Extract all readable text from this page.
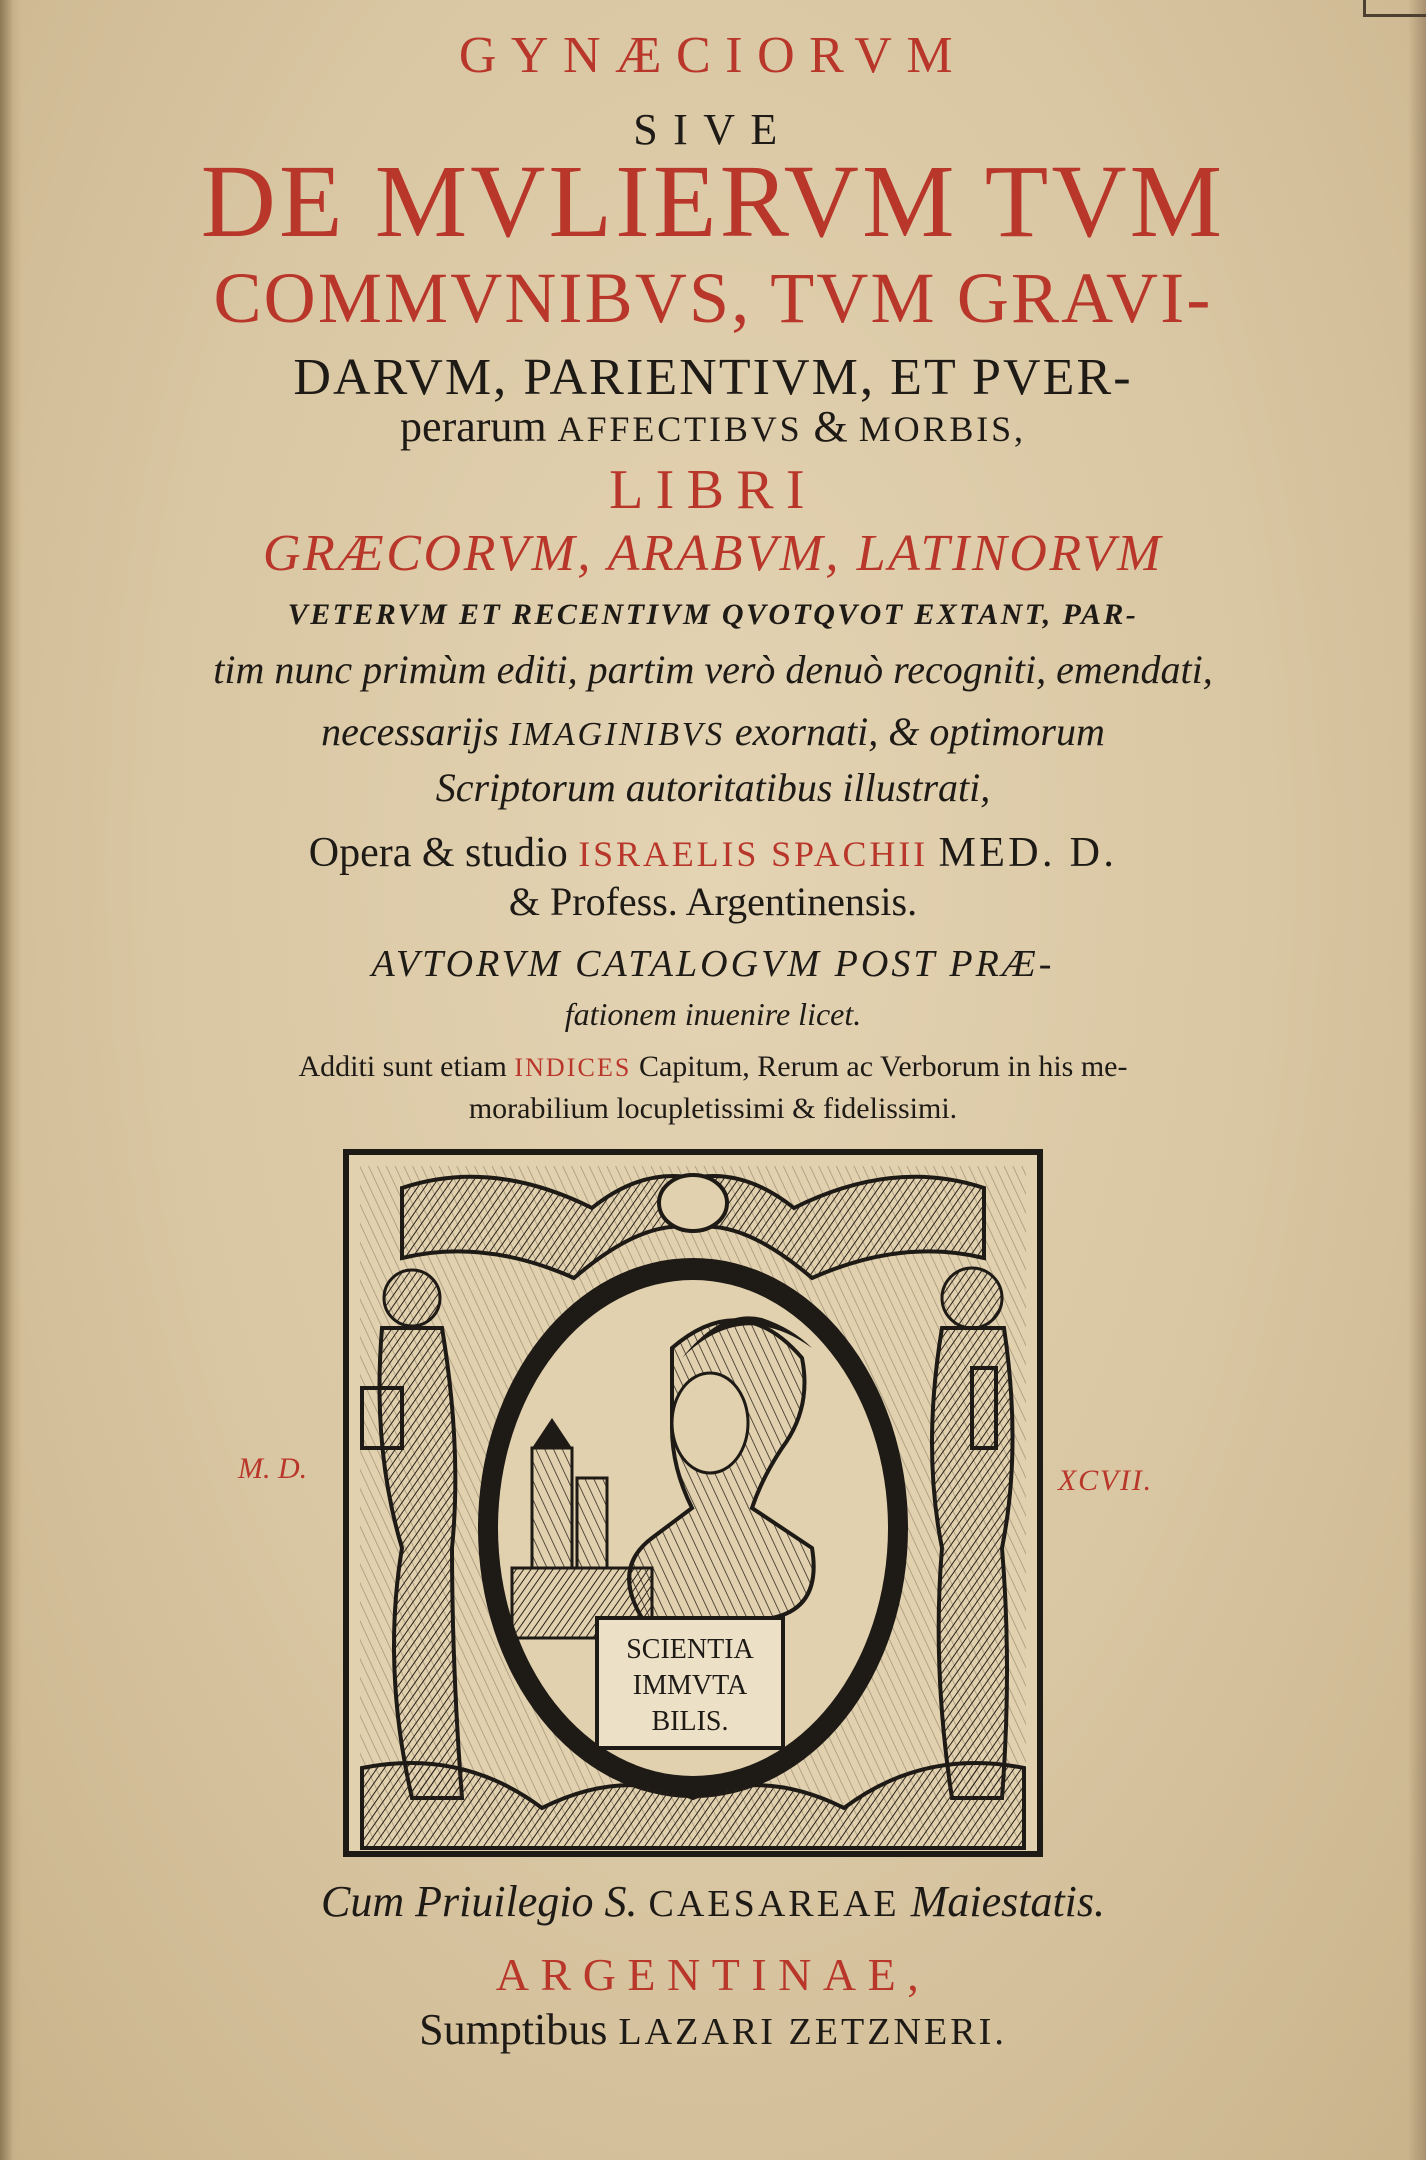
GYNÆCIORVM
SIVE
DE MVLIERVM TVM
COMMVNIBVS, TVM GRAVI-
DARVM, PARIENTIVM, ET PVER-
perarum AFFECTIBVS & MORBIS,
LIBRI
GRÆCORVM, ARABVM, LATINORVM
VETERVM ET RECENTIVM QVOTQVOT EXTANT, PAR-
tim nunc primùm editi, partim verò denuò recogniti, emendati,
necessarijs IMAGINIBVS exornati, & optimorum
Scriptorum autoritatibus illustrati,
Opera & studio ISRAELIS SPACHII MED. D.
& Profess. Argentinensis.
AVTORVM CATALOGVM POST PRÆ-
fationem inuenire licet.
Additi sunt etiam INDICES Capitum, Rerum ac Verborum in his me-
morabilium locupletissimi & fidelissimi.
M. D.	XCVII.
SCIENTIA
IMMVTA
BILIS.
Cum Priuilegio S. CAESAREAE Maiestatis.
ARGENTINAE,
Sumptibus LAZARI ZETZNERI.
